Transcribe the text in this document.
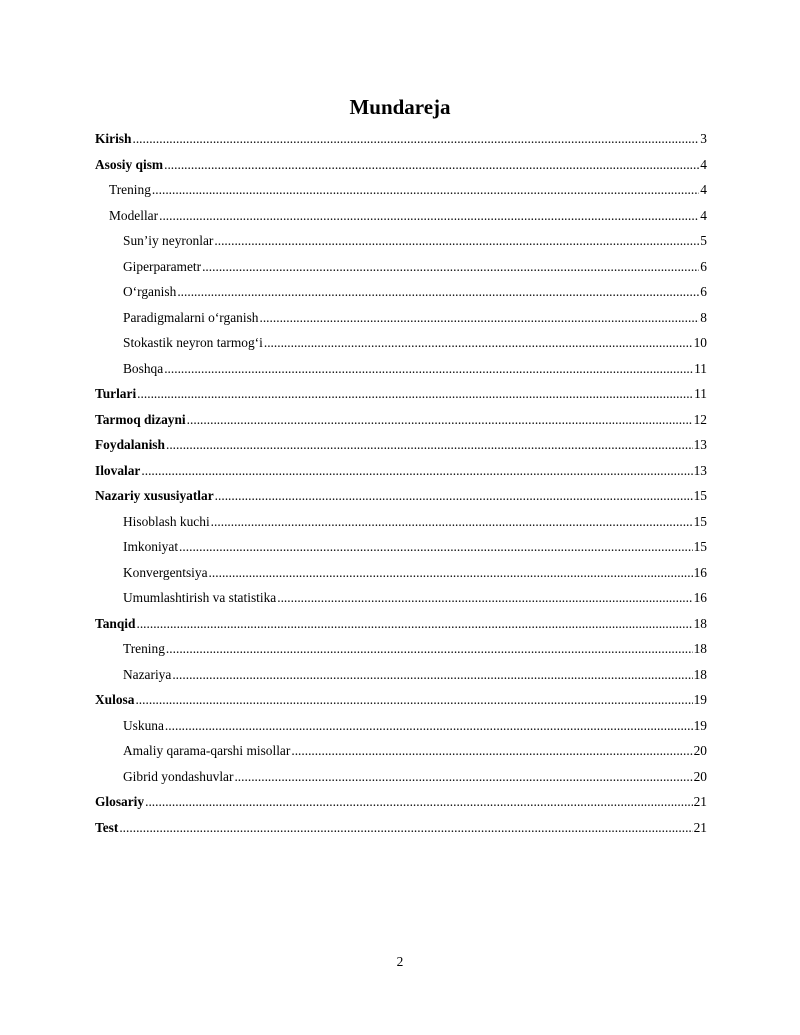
Mundareja
Kirish .....	3
Asosiy qism .....	4
Trening .....	4
Modellar .....	4
Sun’iy neyronlar .....	5
Giperparametr .....	6
O‘rganish .....	6
Paradigmalarni o‘rganish .....	8
Stokastik neyron tarmog‘i .....	10
Boshqa .....	11
Turlari .....	11
Tarmoq dizayni .....	12
Foydalanish .....	13
Ilovalar .....	13
Nazariy xususiyatlar .....	15
Hisoblash kuchi .....	15
Imkoniyat .....	15
Konvergentsiya .....	16
Umumlashtirish va statistika .....	16
Tanqid .....	18
Trening .....	18
Nazariya .....	18
Xulosa .....	19
Uskuna .....	19
Amaliy qarama-qarshi misollar .....	20
Gibrid yondashuvlar .....	20
Glosariy .....	21
Test .....	21
2
